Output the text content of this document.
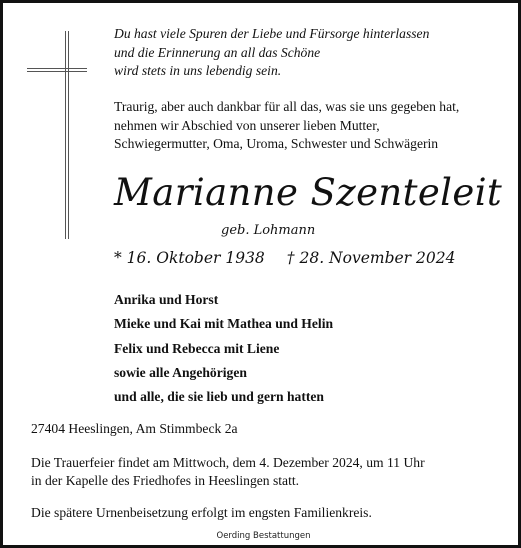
Du hast viele Spuren der Liebe und Fürsorge hinterlassen
und die Erinnerung an all das Schöne
wird stets in uns lebendig sein.
Traurig, aber auch dankbar für all das, was sie uns gegeben hat,
nehmen wir Abschied von unserer lieben Mutter,
Schwiegermutter, Oma, Uroma, Schwester und Schwägerin
Marianne Szenteleit
geb. Lohmann
* 16. Oktober 1938 † 28. November 2024
Anrika und Horst
Mieke und Kai mit Mathea und Helin
Felix und Rebecca mit Liene
sowie alle Angehörigen
und alle, die sie lieb und gern hatten
27404 Heeslingen, Am Stimmbeck 2a
Die Trauerfeier findet am Mittwoch, dem 4. Dezember 2024, um 11 Uhr
in der Kapelle des Friedhofes in Heeslingen statt.
Die spätere Urnenbeisetzung erfolgt im engsten Familienkreis.
Oerding Bestattungen
